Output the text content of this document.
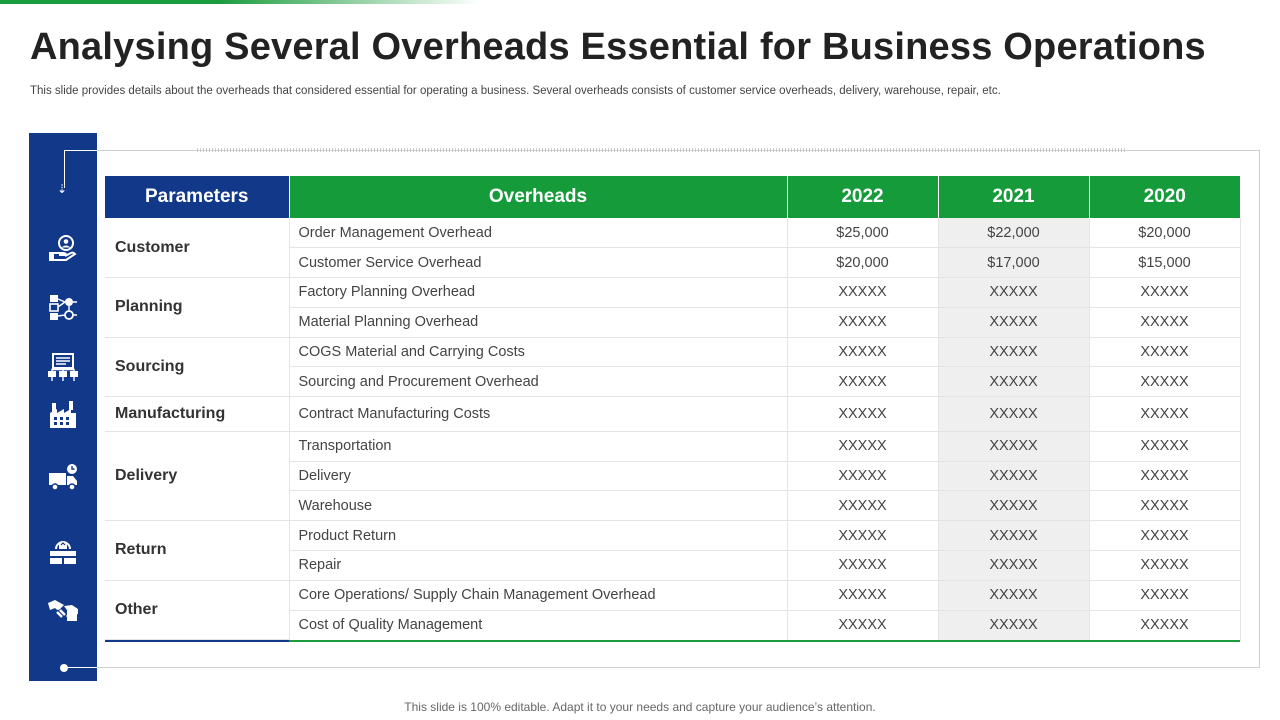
Analysing Several Overheads Essential for Business Operations

This slide provides details about the overheads that considered essential for operating a business. Several overheads consists of customer service overheads, delivery, warehouse, repair, etc.

⇣	Parameters	Overheads	2022	2021	2020
Customer	Order Management Overhead	$25,000	$22,000	$20,000
	Customer Service Overhead	$20,000	$17,000	$15,000
Planning	Factory Planning Overhead	XXXXX	XXXXX	XXXXX
	Material Planning Overhead	XXXXX	XXXXX	XXXXX
Sourcing	COGS Material and Carrying Costs	XXXXX	XXXXX	XXXXX
	Sourcing and Procurement Overhead	XXXXX	XXXXX	XXXXX
Manufacturing	Contract Manufacturing Costs	XXXXX	XXXXX	XXXXX
Delivery	Transportation	XXXXX	XXXXX	XXXXX
	Delivery	XXXXX	XXXXX	XXXXX
	Warehouse	XXXXX	XXXXX	XXXXX
Return	Product Return	XXXXX	XXXXX	XXXXX
	Repair	XXXXX	XXXXX	XXXXX
Other	Core Operations/ Supply Chain Management Overhead	XXXXX	XXXXX	XXXXX
	Cost of Quality Management	XXXXX	XXXXX	XXXXX

This slide is 100% editable. Adapt it to your needs and capture your audience’s attention.
